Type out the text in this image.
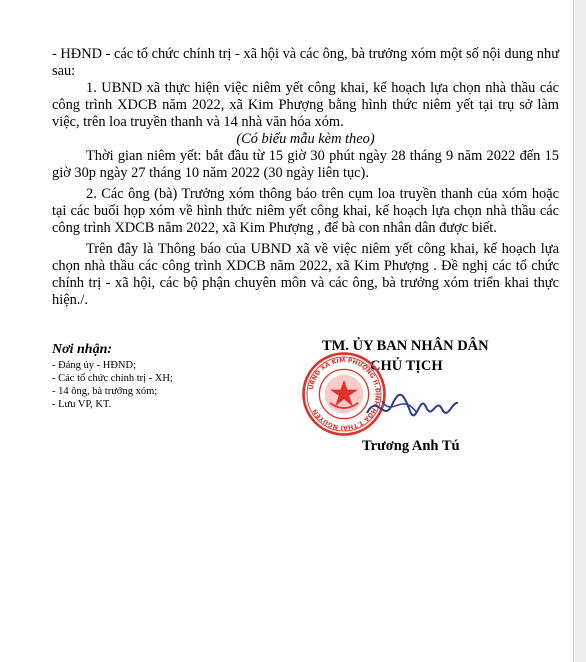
- HĐND - các tổ chức chính trị - xã hội và các ông, bà trưởng xóm một số nội dung như sau:

1. UBND xã thực hiện việc niêm yết công khai, kế hoạch lựa chọn nhà thầu các công trình XDCB năm 2022, xã Kim Phượng bằng hình thức niêm yết tại trụ sở làm việc, trên loa truyền thanh và 14 nhà văn hóa xóm.

(Có biểu mẫu kèm theo)

Thời gian niêm yết: bắt đầu từ 15 giờ 30 phút ngày 28 tháng 9 năm 2022 đến 15 giờ 30p ngày 27 tháng 10 năm 2022 (30 ngày liên tục).

2. Các ông (bà) Trưởng xóm thông báo trên cụm loa truyền thanh của xóm hoặc tại các buổi họp xóm về hình thức niêm yết công khai, kế hoạch lựa chọn nhà thầu các công trình XDCB năm 2022, xã Kim Phượng , để bà con nhân dân được biết.

Trên đây là Thông báo của UBND xã về việc niêm yết công khai, kế hoạch lựa chọn nhà thầu các công trình XDCB năm 2022, xã Kim Phượng . Đề nghị các tổ chức chính trị - xã hội, các bộ phận chuyên môn và các ông, bà trưởng xóm triển khai thực hiện./.

Nơi nhận:
- Đảng ủy - HĐND;
- Các tổ chức chính trị - XH;
- 14 ông, bà trưởng xóm;
- Lưu VP, KT.
TM. ỦY BAN NHÂN DÂN
CHỦ TỊCH
UBND XÃ KIM PHƯỢNG H.ĐỊNH HÓA T.THÁI NGUYÊN
Trương Anh Tú
